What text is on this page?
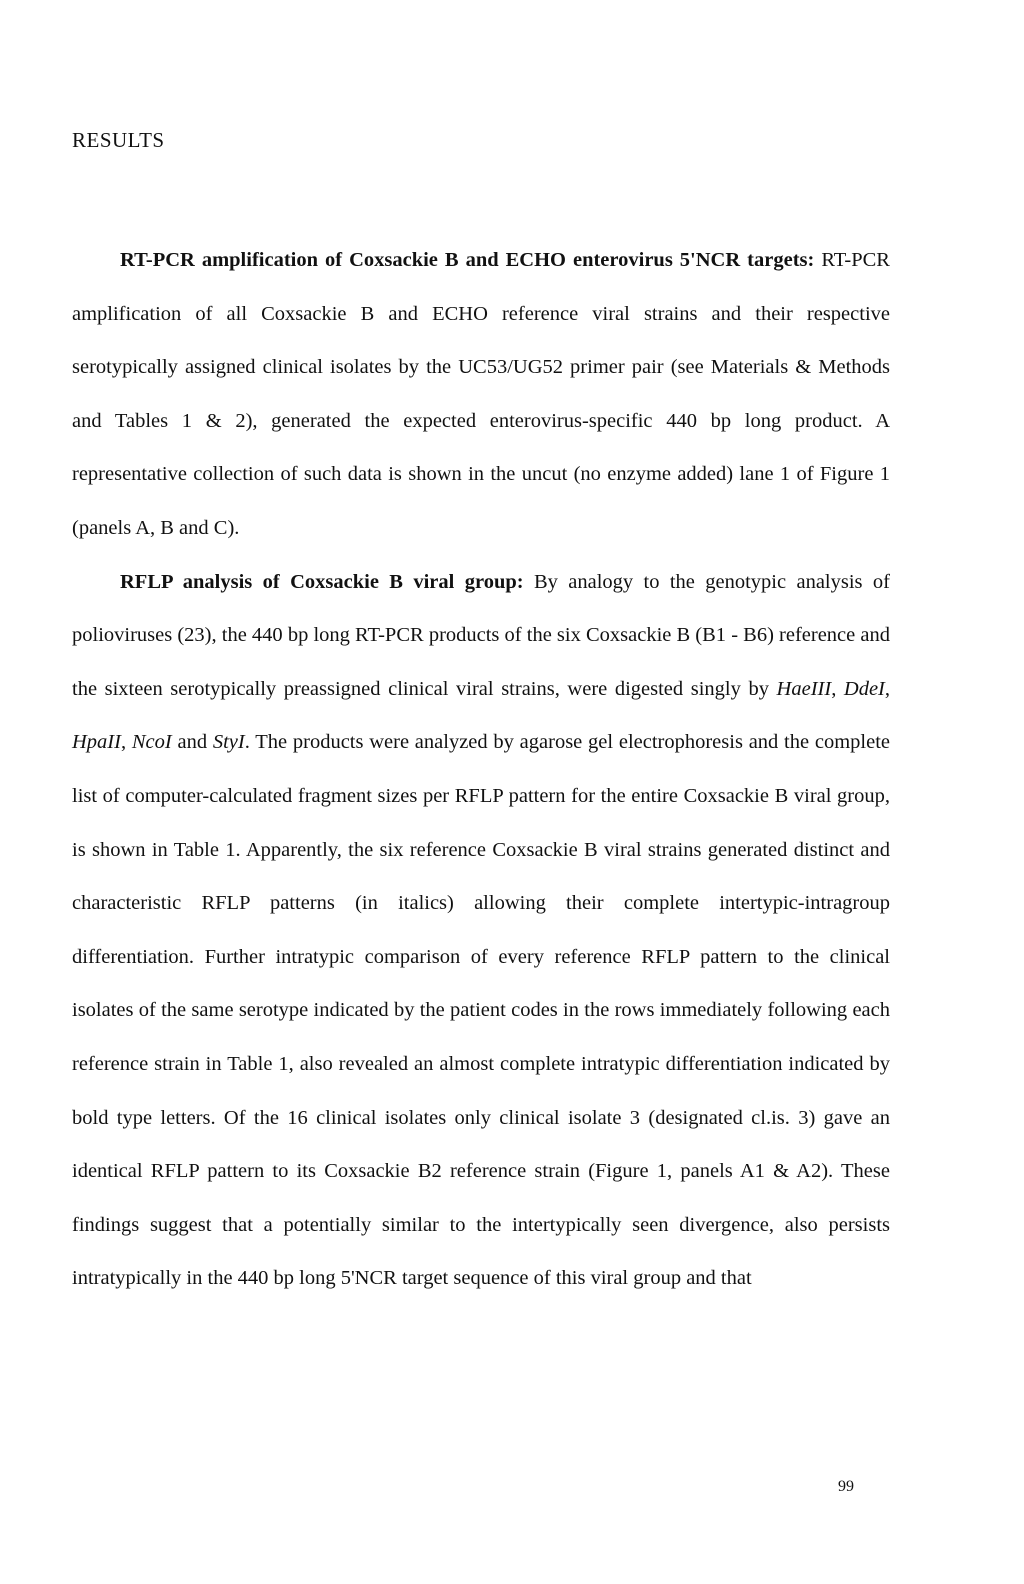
RESULTS

RT-PCR amplification of Coxsackie B and ECHO enterovirus 5'NCR targets: RT-PCR amplification of all Coxsackie B and ECHO reference viral strains and their respective serotypically assigned clinical isolates by the UC53/UG52 primer pair (see Materials & Methods and Tables 1 & 2), generated the expected enterovirus-specific 440 bp long product. A representative collection of such data is shown in the uncut (no enzyme added) lane 1 of Figure 1 (panels A, B and C).

RFLP analysis of Coxsackie B viral group: By analogy to the genotypic analysis of polioviruses (23), the 440 bp long RT-PCR products of the six Coxsackie B (B1 - B6) reference and the sixteen serotypically preassigned clinical viral strains, were digested singly by HaeIII, DdeI, HpaII, NcoI and StyI. The products were analyzed by agarose gel electrophoresis and the complete list of computer-calculated fragment sizes per RFLP pattern for the entire Coxsackie B viral group, is shown in Table 1. Apparently, the six reference Coxsackie B viral strains generated distinct and characteristic RFLP patterns (in italics) allowing their complete intertypic-intragroup differentiation. Further intratypic comparison of every reference RFLP pattern to the clinical isolates of the same serotype indicated by the patient codes in the rows immediately following each reference strain in Table 1, also revealed an almost complete intratypic differentiation indicated by bold type letters. Of the 16 clinical isolates only clinical isolate 3 (designated cl.is. 3) gave an identical RFLP pattern to its Coxsackie B2 reference strain (Figure 1, panels A1 & A2). These findings suggest that a potentially similar to the intertypically seen divergence, also persists intratypically in the 440 bp long 5'NCR target sequence of this viral group and that

99
